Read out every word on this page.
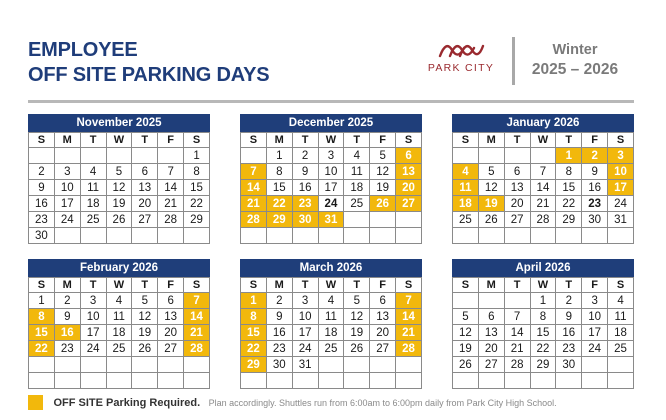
EMPLOYEE
OFF SITE PARKING DAYS	PARK CITY
Winter
2025 – 2026
November 2025
S	M	T	W	T	F	S
						1
2	3	4	5	6	7	8
9	10	11	12	13	14	15
16	17	18	19	20	21	22
23	24	25	26	27	28	29
30						
December 2025
S	M	T	W	T	F	S
	1	2	3	4	5	6
7	8	9	10	11	12	13
14	15	16	17	18	19	20
21	22	23	24	25	26	27
28	29	30	31			

January 2026
S	M	T	W	T	F	S
				1	2	3
4	5	6	7	8	9	10
11	12	13	14	15	16	17
18	19	20	21	22	23	24
25	26	27	28	29	30	31

February 2026
S	M	T	W	T	F	S
1	2	3	4	5	6	7
8	9	10	11	12	13	14
15	16	17	18	19	20	21
22	23	24	25	26	27	28

March 2026
S	M	T	W	T	F	S
1	2	3	4	5	6	7
8	9	10	11	12	13	14
15	16	17	18	19	20	21
22	23	24	25	26	27	28
29	30	31				

April 2026
S	M	T	W	T	F	S
			1	2	3	4
5	6	7	8	9	10	11
12	13	14	15	16	17	18
19	20	21	22	23	24	25
26	27	28	29	30		

OFF SITE Parking Required. Plan accordingly. Shuttles run from 6:00am to 6:00pm daily from Park City High School.
